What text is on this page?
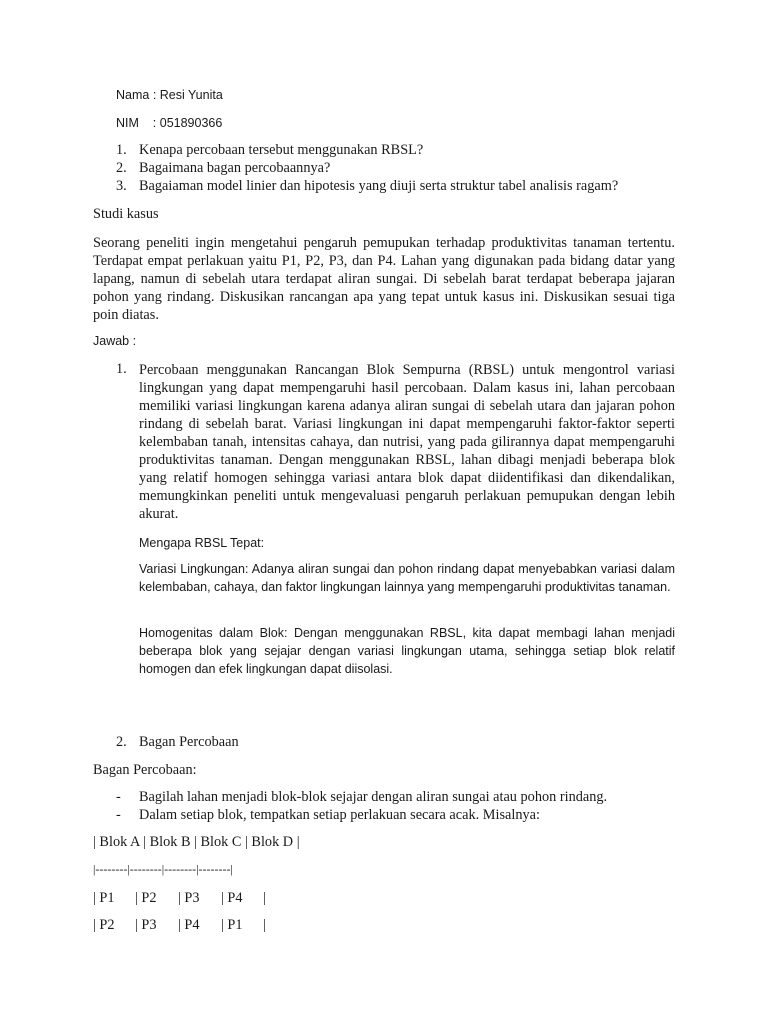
Nama : Resi Yunita
NIM    : 051890366
1. Kenapa percobaan tersebut menggunakan RBSL?
2. Bagaimana bagan percobaannya?
3. Bagaiaman model linier dan hipotesis yang diuji serta struktur tabel analisis ragam?
Studi kasus
Seorang peneliti ingin mengetahui pengaruh pemupukan terhadap produktivitas tanaman tertentu. Terdapat empat perlakuan yaitu P1, P2, P3, dan P4. Lahan yang digunakan pada bidang datar yang lapang, namun di sebelah utara terdapat aliran sungai. Di sebelah barat terdapat beberapa jajaran pohon yang rindang. Diskusikan rancangan apa yang tepat untuk kasus ini. Diskusikan sesuai tiga poin diatas.
Jawab :
1. Percobaan menggunakan Rancangan Blok Sempurna (RBSL) untuk mengontrol variasi lingkungan yang dapat mempengaruhi hasil percobaan. Dalam kasus ini, lahan percobaan memiliki variasi lingkungan karena adanya aliran sungai di sebelah utara dan jajaran pohon rindang di sebelah barat. Variasi lingkungan ini dapat mempengaruhi faktor-faktor seperti kelembaban tanah, intensitas cahaya, dan nutrisi, yang pada gilirannya dapat mempengaruhi produktivitas tanaman. Dengan menggunakan RBSL, lahan dibagi menjadi beberapa blok yang relatif homogen sehingga variasi antara blok dapat diidentifikasi dan dikendalikan, memungkinkan peneliti untuk mengevaluasi pengaruh perlakuan pemupukan dengan lebih akurat.
Mengapa RBSL Tepat:
Variasi Lingkungan: Adanya aliran sungai dan pohon rindang dapat menyebabkan variasi dalam kelembaban, cahaya, dan faktor lingkungan lainnya yang mempengaruhi produktivitas tanaman.
Homogenitas dalam Blok: Dengan menggunakan RBSL, kita dapat membagi lahan menjadi beberapa blok yang sejajar dengan variasi lingkungan utama, sehingga setiap blok relatif homogen dan efek lingkungan dapat diisolasi.
2. Bagan Percobaan
Bagan Percobaan:
- Bagilah lahan menjadi blok-blok sejajar dengan aliran sungai atau pohon rindang.
- Dalam setiap blok, tempatkan setiap perlakuan secara acak. Misalnya:
| Blok A | Blok B | Blok C | Blok D |
|--------|--------|--------|--------|
| P1 | P2 | P3 | P4 |
| P2 | P3 | P4 | P1 |
